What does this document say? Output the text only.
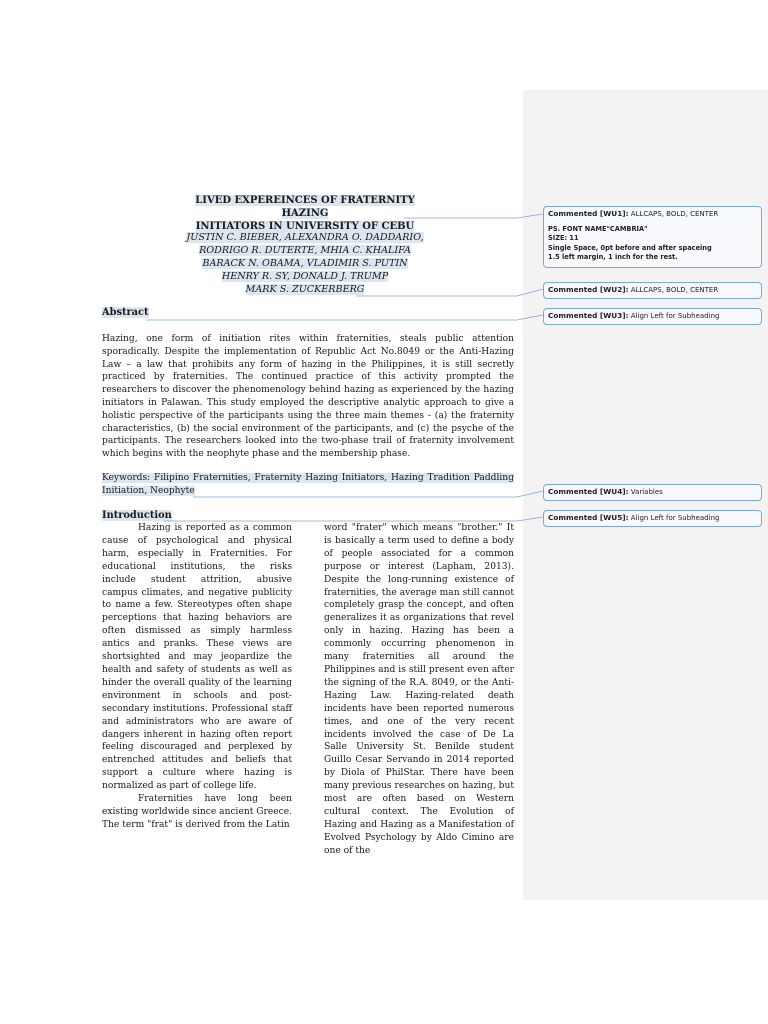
LIVED EXPEREINCES OF FRATERNITY HAZING
INITIATORS IN UNIVERSITY OF CEBU
JUSTIN C. BIEBER, ALEXANDRA O. DADDARIO,
RODRIGO R. DUTERTE, MHIA C. KHALIFA
BARACK N. OBAMA, VLADIMIR S. PUTIN
HENRY R. SY, DONALD J. TRUMP
MARK S. ZUCKERBERG
Abstract
Hazing, one form of initiation rites within fraternities, steals public attention sporadically. Despite the implementation of Republic Act No.8049 or the Anti-Hazing Law – a law that prohibits any form of hazing in the Philippines, it is still secretly practiced by fraternities. The continued practice of this activity prompted the researchers to discover the phenomenology behind hazing as experienced by the hazing initiators in Palawan. This study employed the descriptive analytic approach to give a holistic perspective of the participants using the three main themes - (a) the fraternity characteristics, (b) the social environment of the participants, and (c) the psyche of the participants. The researchers looked into the two-phase trail of fraternity involvement which begins with the neophyte phase and the membership phase.
Keywords: Filipino Fraternities, Fraternity Hazing Initiators, Hazing Tradition Paddling Initiation, Neophyte
Introduction

Hazing is reported as a common cause of psychological and physical harm, especially in Fraternities. For educational institutions, the risks include student attrition, abusive campus climates, and negative publicity to name a few. Stereotypes often shape perceptions that hazing behaviors are often dismissed as simply harmless antics and pranks. These views are shortsighted and may jeopardize the health and safety of students as well as hinder the overall quality of the learning environment in schools and post-secondary institutions. Professional staff and administrators who are aware of dangers inherent in hazing often report feeling discouraged and perplexed by entrenched attitudes and beliefs that support a culture where hazing is normalized as part of college life.

Fraternities have long been existing worldwide since ancient Greece. The term "frat" is derived from the Latin

word "frater" which means "brother." It is basically a term used to define a body of people associated for a common purpose or interest (Lapham, 2013). Despite the long-running existence of fraternities, the average man still cannot completely grasp the concept, and often generalizes it as organizations that revel only in hazing. Hazing has been a commonly occurring phenomenon in many fraternities all around the Philippines and is still present even after the signing of the R.A. 8049, or the Anti-Hazing Law. Hazing-related death incidents have been reported numerous times, and one of the very recent incidents involved the case of De La Salle University St. Benilde student Guillo Cesar Servando in 2014 reported by Diola of PhilStar. There have been many previous researches on hazing, but most are often based on Western cultural context. The Evolution of Hazing and Hazing as a Manifestation of Evolved Psychology by Aldo Cimino are one of the

Commented [WU1]: ALLCAPS, BOLD, CENTER
PS. FONT NAME"CAMBRIA"
SIZE: 11
Single Space, 0pt before and after spaceing
1.5 left margin, 1 inch for the rest.
Commented [WU2]: ALLCAPS, BOLD, CENTER
Commented [WU3]: Align Left for Subheading
Commented [WU4]: Variables
Commented [WU5]: Align Left for Subheading
